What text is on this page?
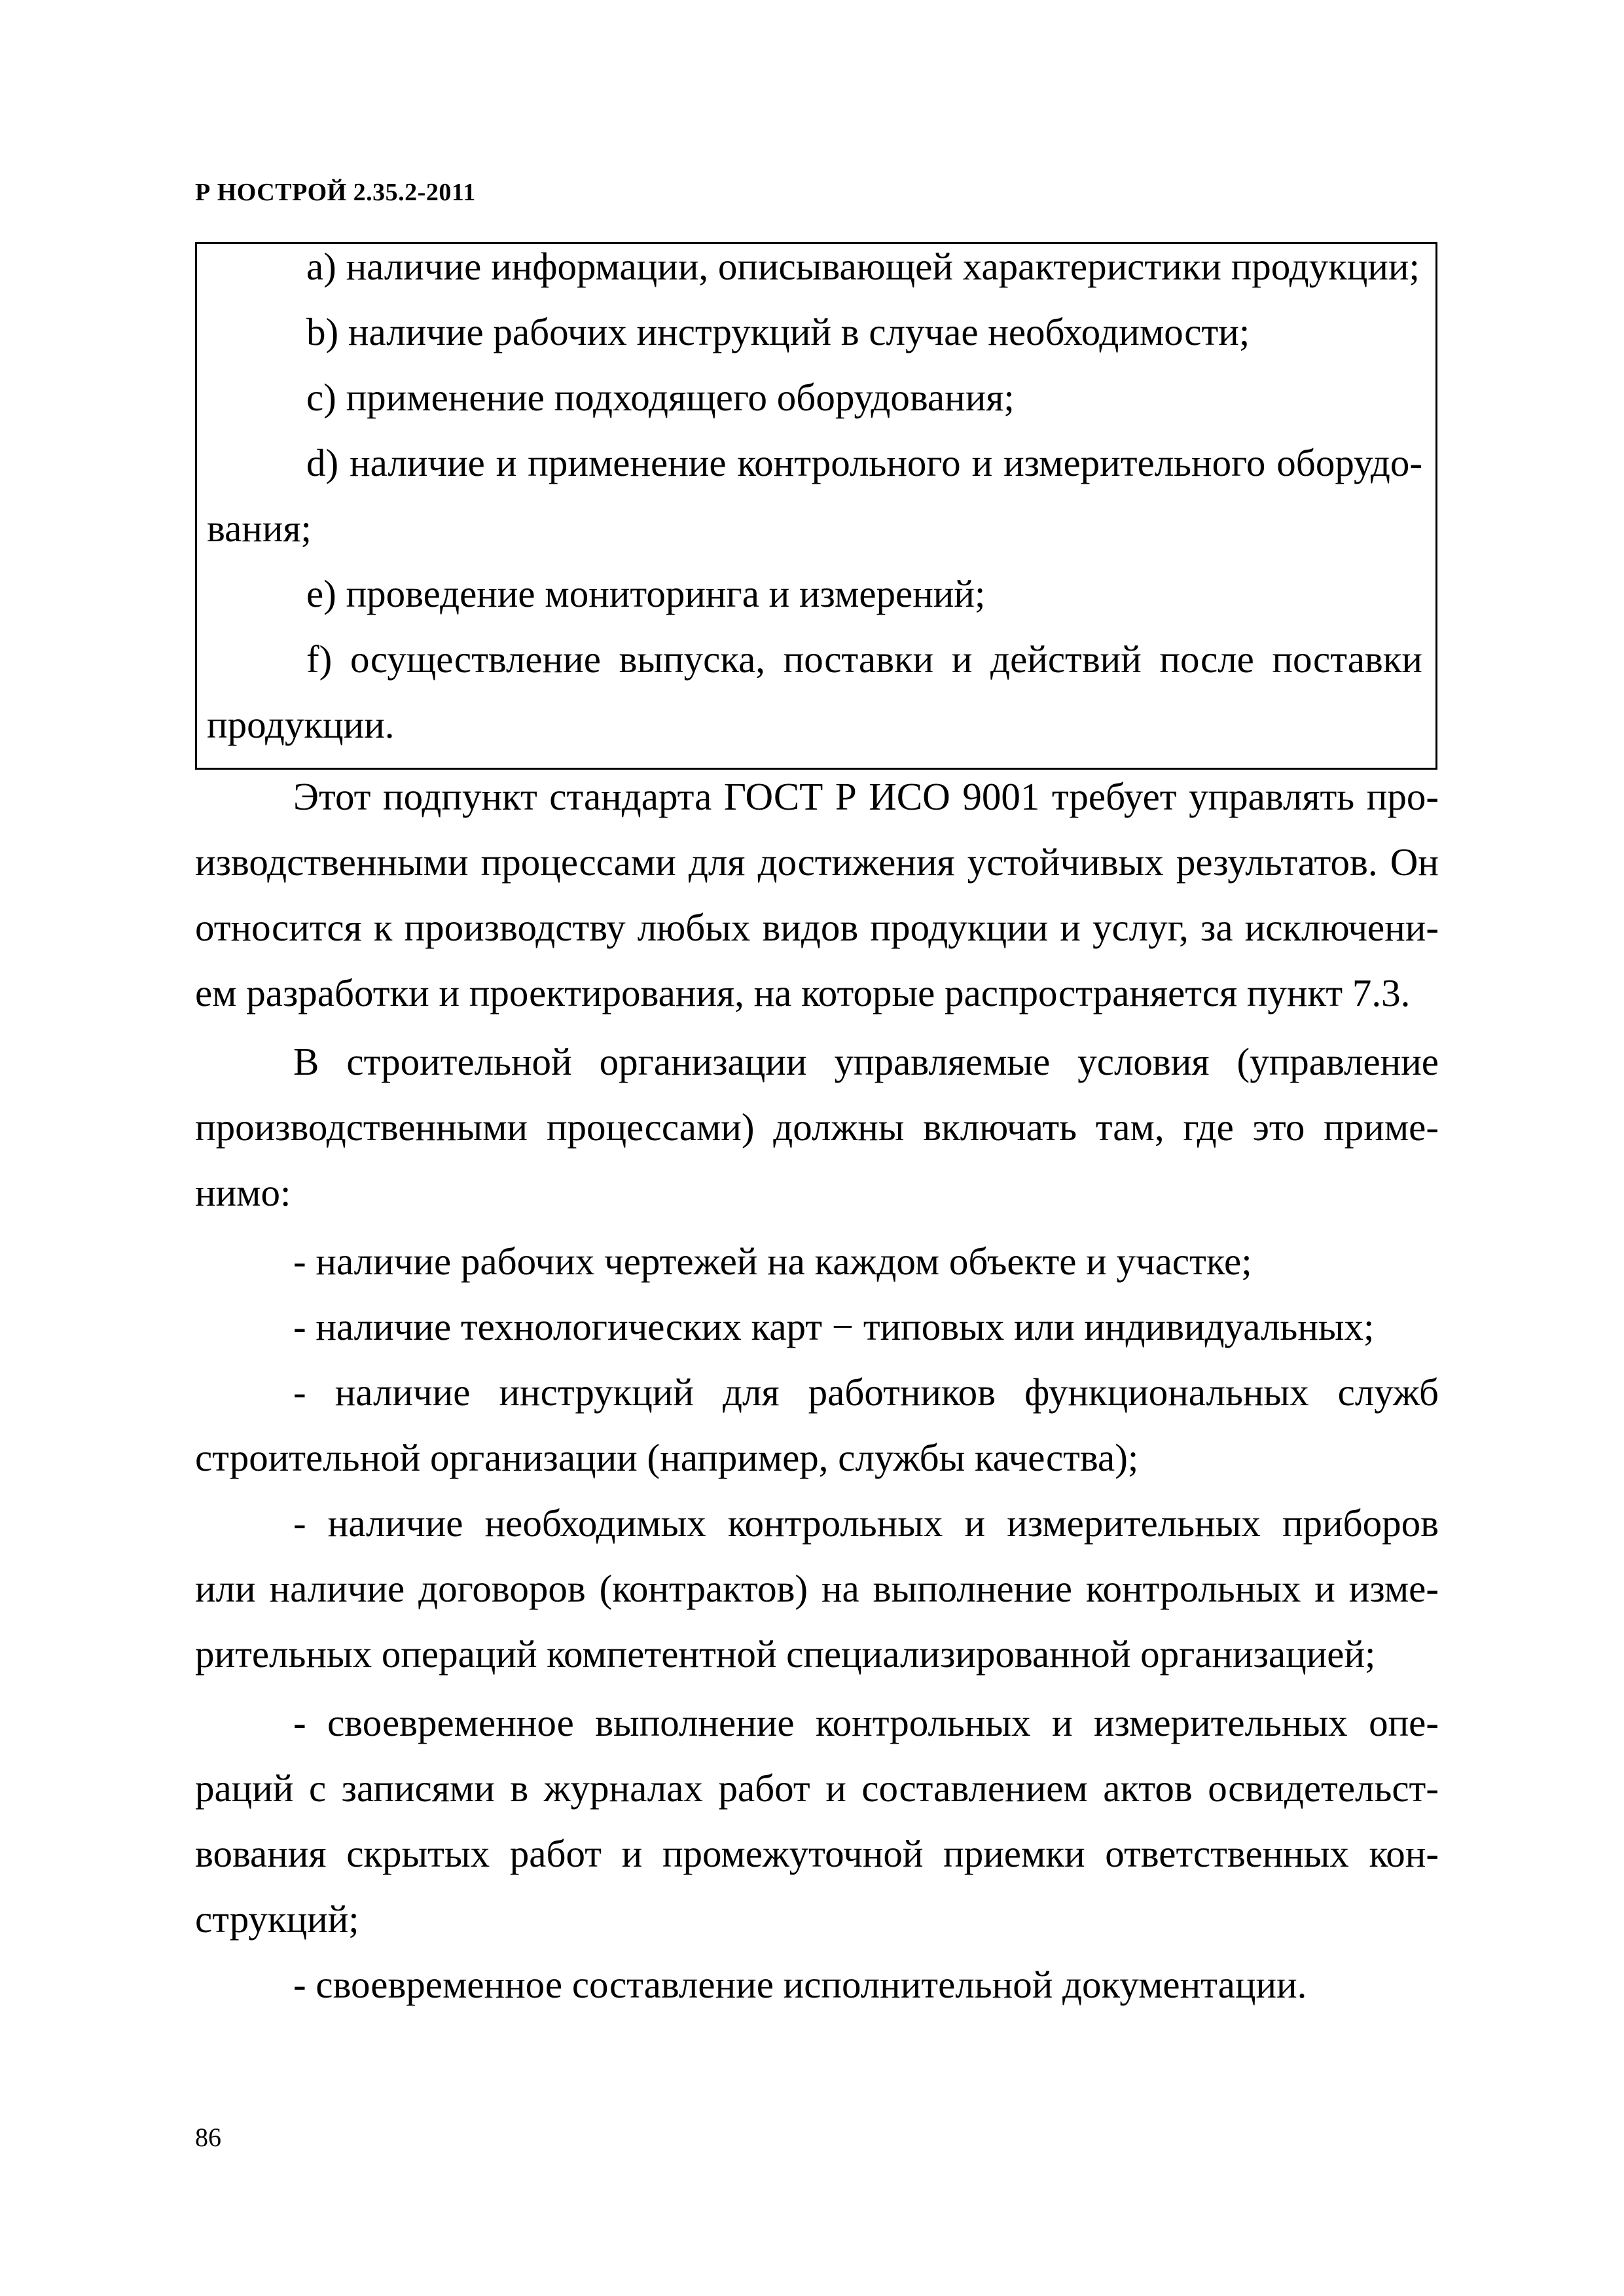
Р НОСТРОЙ 2.35.2-2011
a) наличие информации, описывающей характеристики продукции;
b) наличие рабочих инструкций в случае необходимости;
c) применение подходящего оборудования;
d) наличие и применение контрольного и измерительного оборудо-
вания;
e) проведение мониторинга и измерений;
f) осуществление выпуска, поставки и действий после поставки
продукции.
Этот подпункт стандарта ГОСТ Р ИСО 9001 требует управлять про-
изводственными процессами для достижения устойчивых результатов. Он
относится к производству любых видов продукции и услуг, за исключени-
ем разработки и проектирования, на которые распространяется пункт 7.3.
В строительной организации управляемые условия (управление
производственными процессами) должны включать там, где это приме-
нимо:
- наличие рабочих чертежей на каждом объекте и участке;
- наличие технологических карт − типовых или индивидуальных;
- наличие инструкций для работников функциональных служб
строительной организации (например, службы качества);
- наличие необходимых контрольных и измерительных приборов
или наличие договоров (контрактов) на выполнение контрольных и изме-
рительных операций компетентной специализированной организацией;
- своевременное выполнение контрольных и измерительных опе-
раций с записями в журналах работ и составлением актов освидетельст-
вования скрытых работ и промежуточной приемки ответственных кон-
струкций;
- своевременное составление исполнительной документации.
86
